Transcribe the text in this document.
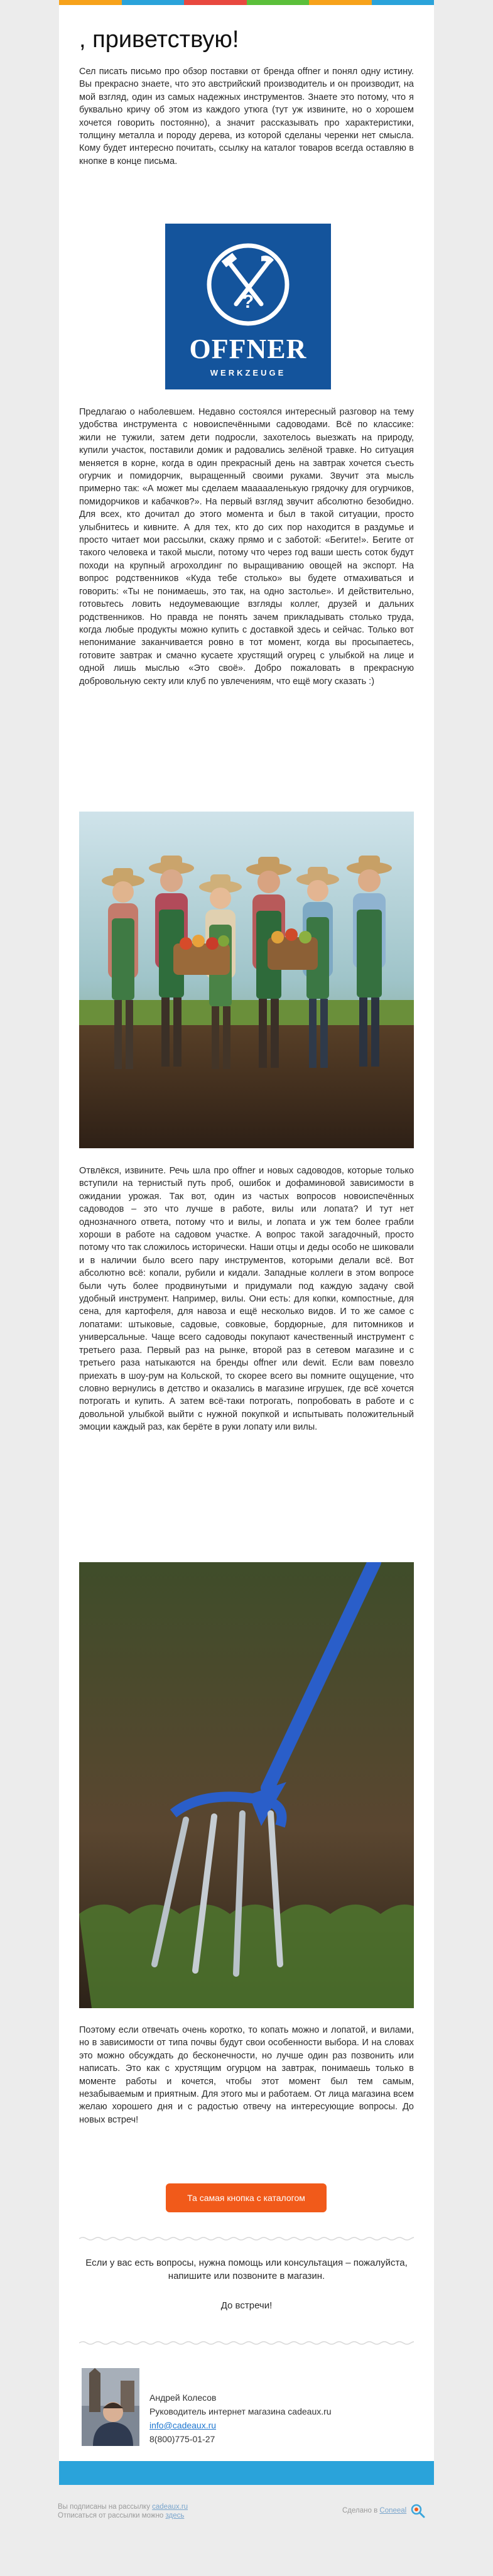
, приветствую!

Сел писать письмо про обзор поставки от бренда offner и понял одну истину. Вы прекрасно знаете, что это австрийский производитель и он производит, на мой взгляд, один из самых надежных инструментов. Знаете это потому, что я буквально кричу об этом из каждого утюга (тут уж извините, но о хорошем хочется говорить постоянно), а значит рассказывать про характеристики, толщину металла и породу дерева, из которой сделаны черенки нет смысла. Кому будет интересно почитать, ссылку на каталог товаров всегда оставляю в кнопке в конце письма.

?
OFFNER
WERKZEUGE

Предлагаю о наболевшем. Недавно состоялся интересный разговор на тему удобства инструмента с новоиспечёнными садоводами. Всё по классике: жили не тужили, затем дети подросли, захотелось выезжать на природу, купили участок, поставили домик и радовались зелёной травке. Но ситуация меняется в корне, когда в один прекрасный день на завтрак хочется съесть огурчик и помидорчик, выращенный своими руками. Звучит эта мысль примерно так: «А может мы сделаем маааааленькую грядочку для огурчиков, помидорчиков и кабачков?». На первый взгляд звучит абсолютно безобидно. Для всех, кто дочитал до этого момента и был в такой ситуации, просто улыбнитесь и кивните. А для тех, кто до сих пор находится в раздумье и просто читает мои рассылки, скажу прямо и с заботой: «Бегите!». Бегите от такого человека и такой мысли, потому что через год ваши шесть соток будут походи на крупный агрохолдинг по выращиванию овощей на экспорт. На вопрос родственников «Куда тебе столько» вы будете отмахиваться и говорить: «Ты не понимаешь, это так, на одно застолье». И действительно, готовьтесь ловить недоумевающие взгляды коллег, друзей и дальних родственников. Но правда не понять зачем прикладывать столько труда, когда любые продукты можно купить с доставкой здесь и сейчас. Только вот непонимание заканчивается ровно в тот момент, когда вы просыпаетесь, готовите завтрак и смачно кусаете хрустящий огурец с улыбкой на лице и одной лишь мыслью «Это своё». Добро пожаловать в прекрасную добровольную секту или клуб по увлечениям, что ещё могу сказать :)

Отвлёкся, извините. Речь шла про offner и новых садоводов, которые только вступили на тернистый путь проб, ошибок и дофаминовой зависимости в ожидании урожая. Так вот, один из частых вопросов новоиспечённых садоводов – это что лучше в работе, вилы или лопата? И тут нет однозначного ответа, потому что и вилы, и лопата и уж тем более грабли хороши в работе на садовом участке. А вопрос такой загадочный, просто потому что так сложилось исторически. Наши отцы и деды особо не шиковали и в наличии было всего пару инструментов, которыми делали всё. Вот абсолютно всё: копали, рубили и кидали. Западные коллеги в этом вопросе были чуть более продвинутыми и придумали под каждую задачу свой удобный инструмент. Например, вилы. Они есть: для копки, компостные, для сена, для картофеля, для навоза и ещё несколько видов. И то же самое с лопатами: штыковые, садовые, совковые, бордюрные, для питомников и универсальные. Чаще всего садоводы покупают качественный инструмент с третьего раза. Первый раз на рынке, второй раз в сетевом магазине и с третьего раза натыкаются на бренды offner или dewit. Если вам повезло приехать в шоу-рум на Кольской, то скорее всего вы помните ощущение, что словно вернулись в детство и оказались в магазине игрушек, где всё хочется потрогать и купить. А затем всё-таки потрогать, попробовать в работе и с довольной улыбкой выйти с нужной покупкой и испытывать положительный эмоции каждый раз, как берёте в руки лопату или вилы.

Поэтому если отвечать очень коротко, то копать можно и лопатой, и вилами, но в зависимости от типа почвы будут свои особенности выбора. И на словах это можно обсуждать до бесконечности, но лучше один раз позвонить или написать. Это как с хрустящим огурцом на завтрак, понимаешь только в моменте работы и кочется, чтобы этот момент был тем самым, незабываемым и приятным. Для этого мы и работаем. От лица магазина всем желаю хорошего дня и с радостью отвечу на интересующие вопросы. До новых встреч!

Та самая кнопка с каталогом

Если у вас есть вопросы, нужна помощь или консультация – пожалуйста, напишите или позвоните в магазин.

До встречи!

Андрей Колесов
Руководитель интернет магазина cadeaux.ru
info@cadeaux.ru
8(800)775-01-27
Вы подписаны на рассылку cadeaux.ru
Отписаться от рассылки можно здесь
Сделано в Coneeal
